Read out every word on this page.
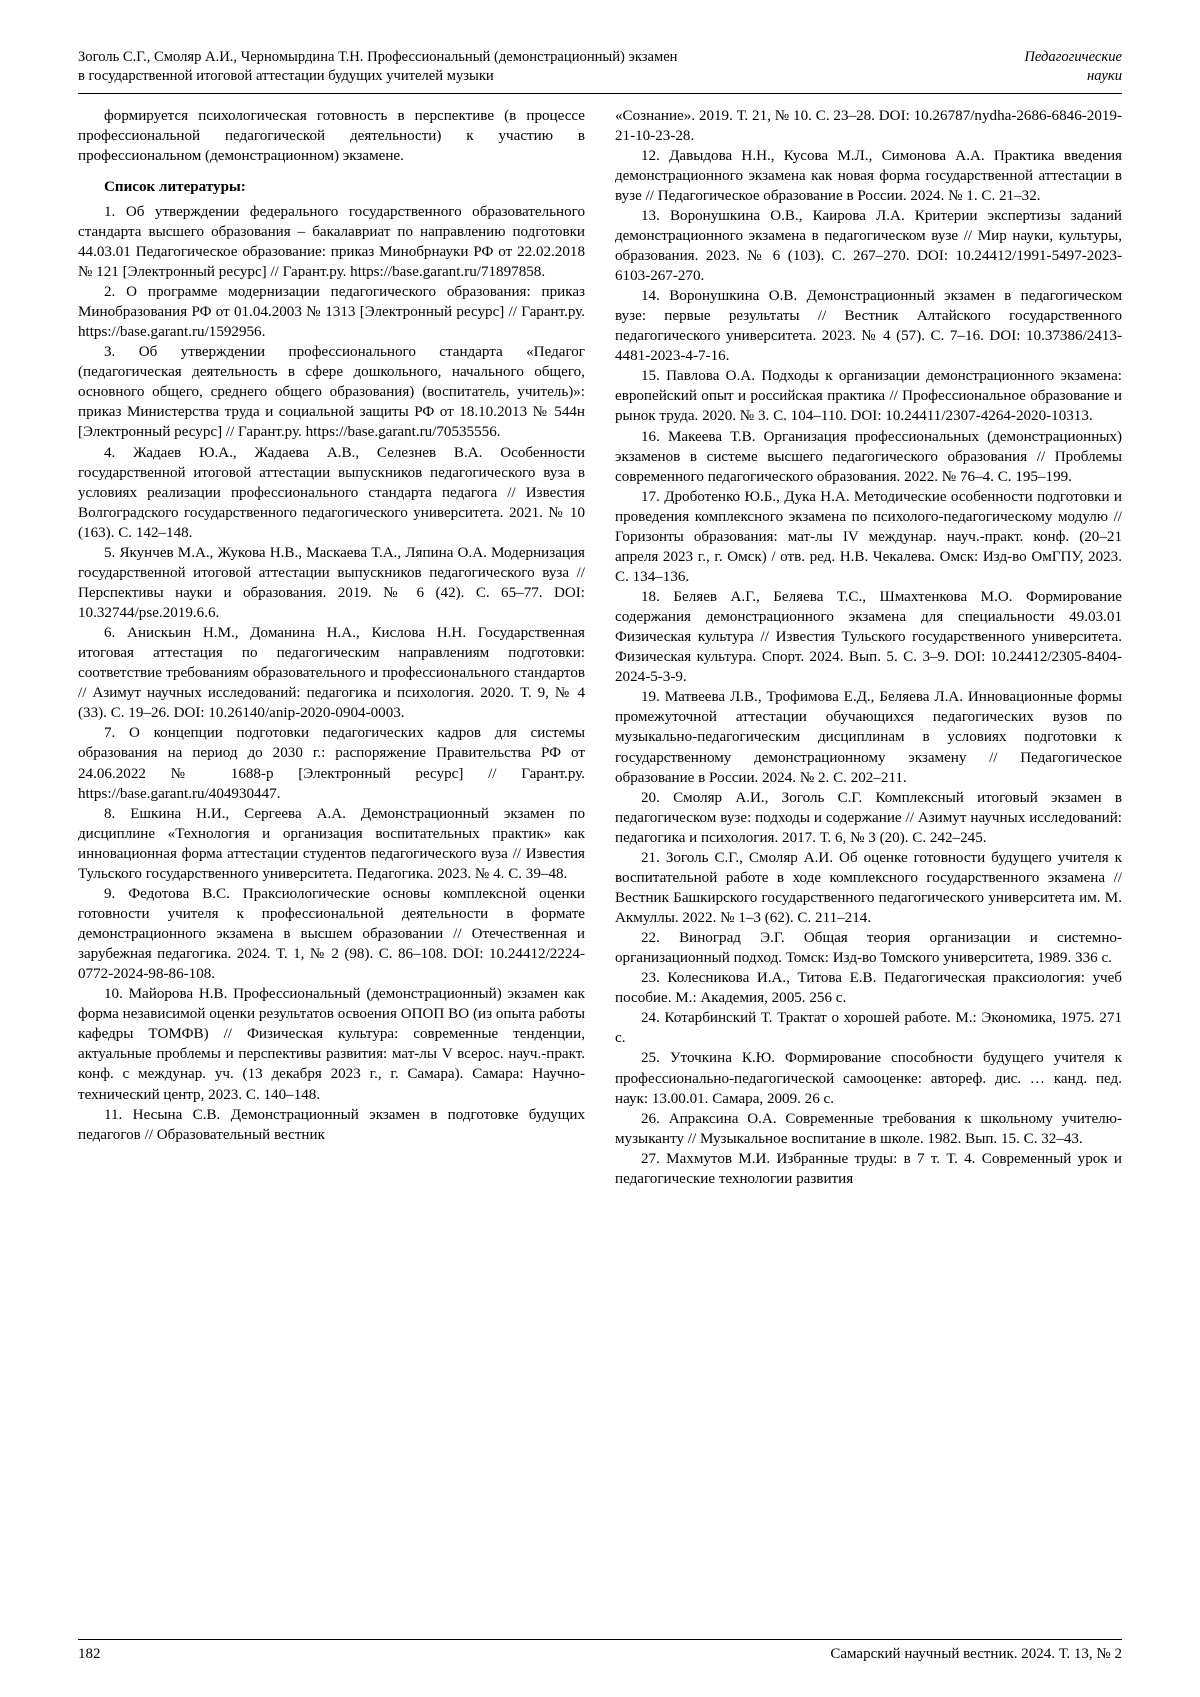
Зоголь С.Г., Смоляр А.И., Черномырдина Т.Н. Профессиональный (демонстрационный) экзамен
в государственной итоговой аттестации будущих учителей музыки
Педагогические
науки

формируется психологическая готовность в перспективе (в процессе профессиональной педагогической деятельности) к участию в профессиональном (демонстрационном) экзамене.

Список литературы:

1. Об утверждении федерального государственного образовательного стандарта высшего образования – бакалавриат по направлению подготовки 44.03.01 Педагогическое образование: приказ Минобрнауки РФ от 22.02.2018 № 121 [Электронный ресурс] // Гарант.ру. https://base.garant.ru/71897858.

2. О программе модернизации педагогического образования: приказ Минобразования РФ от 01.04.2003 № 1313 [Электронный ресурс] // Гарант.ру. https://base.garant.ru/1592956.

3. Об утверждении профессионального стандарта «Педагог (педагогическая деятельность в сфере дошкольного, начального общего, основного общего, среднего общего образования) (воспитатель, учитель)»: приказ Министерства труда и социальной защиты РФ от 18.10.2013 № 544н [Электронный ресурс] // Гарант.ру. https://base.garant.ru/70535556.

4. Жадаев Ю.А., Жадаева А.В., Селезнев В.А. Особенности государственной итоговой аттестации выпускников педагогического вуза в условиях реализации профессионального стандарта педагога // Известия Волгоградского государственного педагогического университета. 2021. № 10 (163). С. 142–148.

5. Якунчев М.А., Жукова Н.В., Маскаева Т.А., Ляпина О.А. Модернизация государственной итоговой аттестации выпускников педагогического вуза // Перспективы науки и образования. 2019. № 6 (42). С. 65–77. DOI: 10.32744/pse.2019.6.6.

6. Анискьин Н.М., Доманина Н.А., Кислова Н.Н. Государственная итоговая аттестация по педагогическим направлениям подготовки: соответствие требованиям образовательного и профессионального стандартов // Азимут научных исследований: педагогика и психология. 2020. Т. 9, № 4 (33). С. 19–26. DOI: 10.26140/anip-2020-0904-0003.

7. О концепции подготовки педагогических кадров для системы образования на период до 2030 г.: распоряжение Правительства РФ от 24.06.2022 № 1688-р [Электронный ресурс] // Гарант.ру. https://base.garant.ru/404930447.

8. Ешкина Н.И., Сергеева А.А. Демонстрационный экзамен по дисциплине «Технология и организация воспитательных практик» как инновационная форма аттестации студентов педагогического вуза // Известия Тульского государственного университета. Педагогика. 2023. № 4. С. 39–48.

9. Федотова В.С. Праксиологические основы комплексной оценки готовности учителя к профессиональной деятельности в формате демонстрационного экзамена в высшем образовании // Отечественная и зарубежная педагогика. 2024. Т. 1, № 2 (98). С. 86–108. DOI: 10.24412/2224-0772-2024-98-86-108.

10. Майорова Н.В. Профессиональный (демонстрационный) экзамен как форма независимой оценки результатов освоения ОПОП ВО (из опыта работы кафедры ТОМФВ) // Физическая культура: современные тенденции, актуальные проблемы и перспективы развития: мат-лы V всерос. науч.-практ. конф. с междунар. уч. (13 декабря 2023 г., г. Самара). Самара: Научно-технический центр, 2023. С. 140–148.

11. Несына С.В. Демонстрационный экзамен в подготовке будущих педагогов // Образовательный вестник

«Сознание». 2019. Т. 21, № 10. С. 23–28. DOI: 10.26787/nydha-2686-6846-2019-21-10-23-28.

12. Давыдова Н.Н., Кусова М.Л., Симонова А.А. Практика введения демонстрационного экзамена как новая форма государственной аттестации в вузе // Педагогическое образование в России. 2024. № 1. С. 21–32.

13. Воронушкина О.В., Каирова Л.А. Критерии экспертизы заданий демонстрационного экзамена в педагогическом вузе // Мир науки, культуры, образования. 2023. № 6 (103). С. 267–270. DOI: 10.24412/1991-5497-2023-6103-267-270.

14. Воронушкина О.В. Демонстрационный экзамен в педагогическом вузе: первые результаты // Вестник Алтайского государственного педагогического университета. 2023. № 4 (57). С. 7–16. DOI: 10.37386/2413-4481-2023-4-7-16.

15. Павлова О.А. Подходы к организации демонстрационного экзамена: европейский опыт и российская практика // Профессиональное образование и рынок труда. 2020. № 3. С. 104–110. DOI: 10.24411/2307-4264-2020-10313.

16. Макеева Т.В. Организация профессиональных (демонстрационных) экзаменов в системе высшего педагогического образования // Проблемы современного педагогического образования. 2022. № 76–4. С. 195–199.

17. Дроботенко Ю.Б., Дука Н.А. Методические особенности подготовки и проведения комплексного экзамена по психолого-педагогическому модулю // Горизонты образования: мат-лы IV междунар. науч.-практ. конф. (20–21 апреля 2023 г., г. Омск) / отв. ред. Н.В. Чекалева. Омск: Изд-во ОмГПУ, 2023. С. 134–136.

18. Беляев А.Г., Беляева Т.С., Шмахтенкова М.О. Формирование содержания демонстрационного экзамена для специальности 49.03.01 Физическая культура // Известия Тульского государственного университета. Физическая культура. Спорт. 2024. Вып. 5. С. 3–9. DOI: 10.24412/2305-8404-2024-5-3-9.

19. Матвеева Л.В., Трофимова Е.Д., Беляева Л.А. Инновационные формы промежуточной аттестации обучающихся педагогических вузов по музыкально-педагогическим дисциплинам в условиях подготовки к государственному демонстрационному экзамену // Педагогическое образование в России. 2024. № 2. С. 202–211.

20. Смоляр А.И., Зоголь С.Г. Комплексный итоговый экзамен в педагогическом вузе: подходы и содержание // Азимут научных исследований: педагогика и психология. 2017. Т. 6, № 3 (20). С. 242–245.

21. Зоголь С.Г., Смоляр А.И. Об оценке готовности будущего учителя к воспитательной работе в ходе комплексного государственного экзамена // Вестник Башкирского государственного педагогического университета им. М. Акмуллы. 2022. № 1–3 (62). С. 211–214.

22. Виноград Э.Г. Общая теория организации и системно-организационный подход. Томск: Изд-во Томского университета, 1989. 336 с.

23. Колесникова И.А., Титова Е.В. Педагогическая праксиология: учеб пособие. М.: Академия, 2005. 256 с.

24. Котарбинский Т. Трактат о хорошей работе. М.: Экономика, 1975. 271 с.

25. Уточкина К.Ю. Формирование способности будущего учителя к профессионально-педагогической самооценке: автореф. дис. … канд. пед. наук: 13.00.01. Самара, 2009. 26 с.

26. Апраксина О.А. Современные требования к школьному учителю-музыканту // Музыкальное воспитание в школе. 1982. Вып. 15. С. 32–43.

27. Махмутов М.И. Избранные труды: в 7 т. Т. 4. Современный урок и педагогические технологии развития

182	Самарский научный вестник. 2024. Т. 13, № 2
